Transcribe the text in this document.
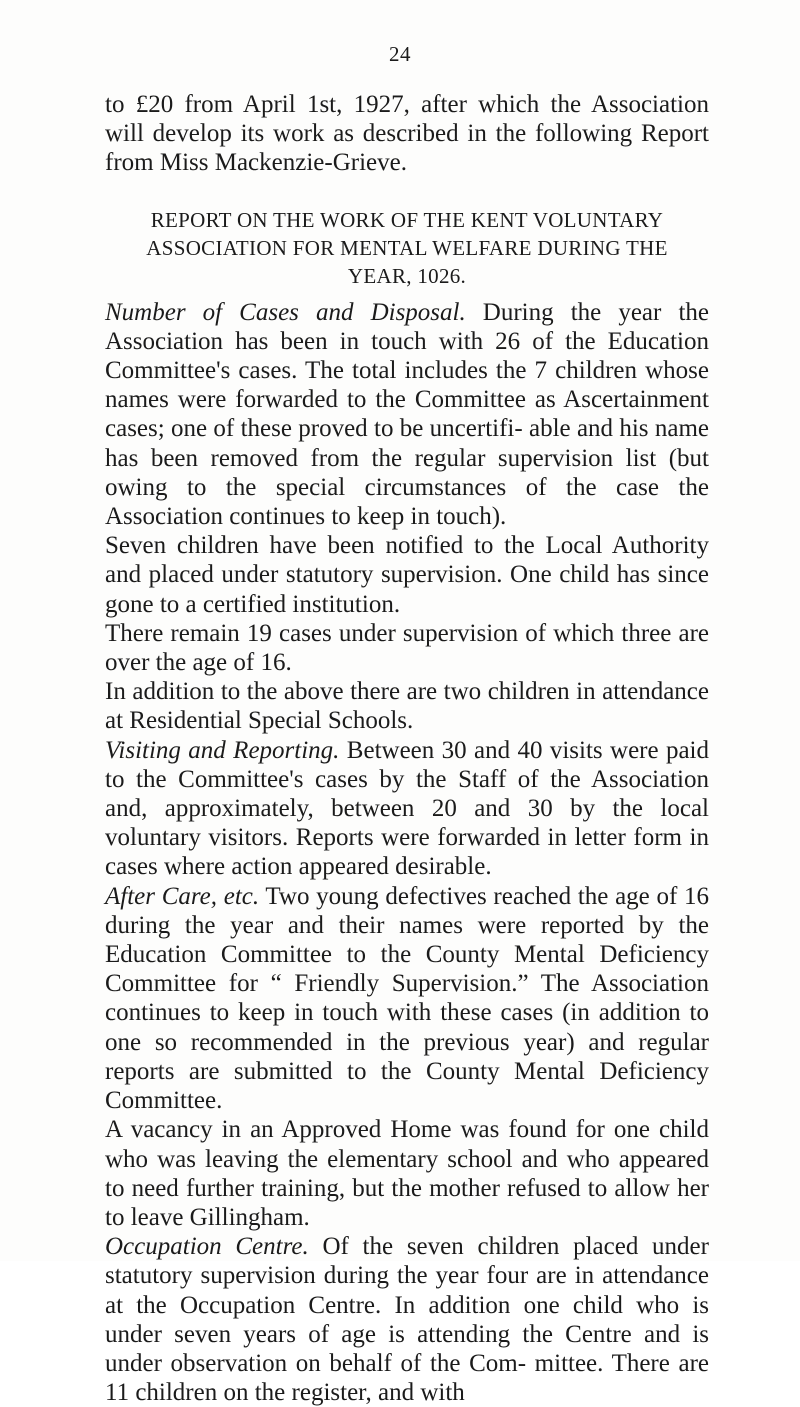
24

to £20 from April 1st, 1927, after which the Association will develop its work as described in the following Report from Miss Mackenzie-Grieve.

REPORT ON THE WORK OF THE KENT VOLUNTARY ASSOCIATION FOR MENTAL WELFARE DURING THE
YEAR, 1026.

Number of Cases and Disposal. During the year the Association has been in touch with 26 of the Education Committee's cases. The total includes the 7 children whose names were forwarded to the Committee as Ascertainment cases; one of these proved to be uncertifi- able and his name has been removed from the regular supervision list (but owing to the special circumstances of the case the Association continues to keep in touch).

Seven children have been notified to the Local Authority and placed under statutory supervision. One child has since gone to a certified institution.

There remain 19 cases under supervision of which three are over the age of 16.

In addition to the above there are two children in attendance at Residential Special Schools.

Visiting and Reporting. Between 30 and 40 visits were paid to the Committee's cases by the Staff of the Association and, approximately, between 20 and 30 by the local voluntary visitors. Reports were forwarded in letter form in cases where action appeared desirable.

After Care, etc. Two young defectives reached the age of 16 during the year and their names were reported by the Education Committee to the County Mental Deficiency Committee for “ Friendly Supervision.” The Association continues to keep in touch with these cases (in addition to one so recommended in the previous year) and regular reports are submitted to the County Mental Deficiency Committee.

A vacancy in an Approved Home was found for one child who was leaving the elementary school and who appeared to need further training, but the mother refused to allow her to leave Gillingham.

Occupation Centre. Of the seven children placed under statutory supervision during the year four are in attendance at the Occupation Centre. In addition one child who is under seven years of age is attending the Centre and is under observation on behalf of the Com- mittee. There are 11 children on the register, and with
